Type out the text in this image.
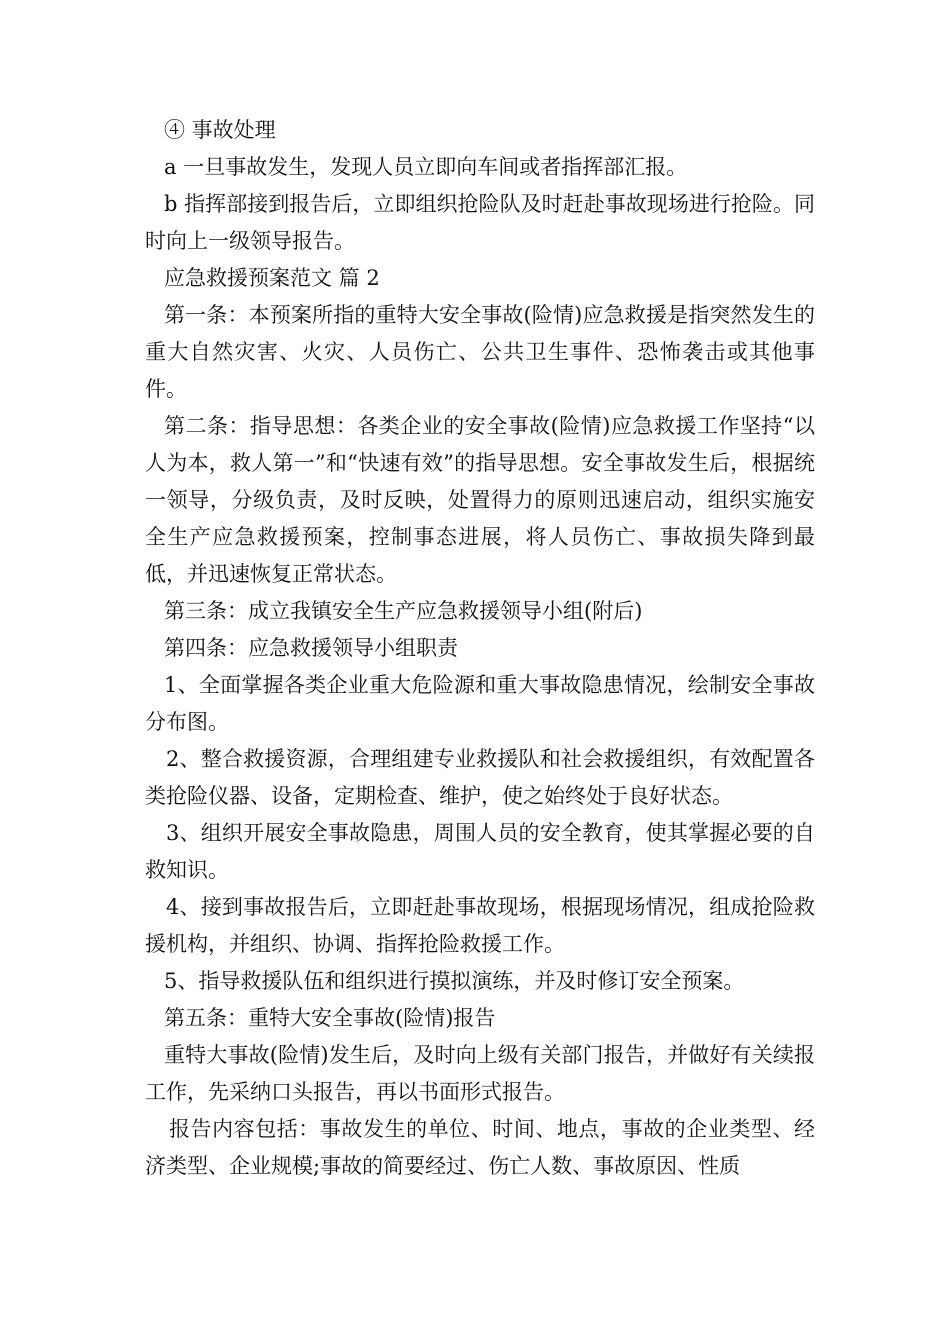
④ 事故处理

a 一旦事故发生，发现人员立即向车间或者指挥部汇报。

b 指挥部接到报告后，立即组织抢险队及时赶赴事故现场进行抢险。同时向上一级领导报告。

应急救援预案范文 篇 2

第一条：本预案所指的重特大安全事故(险情)应急救援是指突然发生的重大自然灾害、火灾、人员伤亡、公共卫生事件、恐怖袭击或其他事件。

第二条：指导思想：各类企业的安全事故(险情)应急救援工作坚持“以人为本，救人第一”和“快速有效”的指导思想。安全事故发生后，根据统一领导，分级负责，及时反映，处置得力的原则迅速启动，组织实施安全生产应急救援预案，控制事态进展，将人员伤亡、事故损失降到最低，并迅速恢复正常状态。

第三条：成立我镇安全生产应急救援领导小组(附后)

第四条：应急救援领导小组职责

1、全面掌握各类企业重大危险源和重大事故隐患情况，绘制安全事故分布图。

2、整合救援资源，合理组建专业救援队和社会救援组织，有效配置各类抢险仪器、设备，定期检查、维护，使之始终处于良好状态。

3、组织开展安全事故隐患，周围人员的安全教育，使其掌握必要的自救知识。

4、接到事故报告后，立即赶赴事故现场，根据现场情况，组成抢险救援机构，并组织、协调、指挥抢险救援工作。

5、指导救援队伍和组织进行摸拟演练，并及时修订安全预案。

第五条：重特大安全事故(险情)报告

重特大事故(险情)发生后，及时向上级有关部门报告，并做好有关续报工作，先采纳口头报告，再以书面形式报告。

报告内容包括：事故发生的单位、时间、地点，事故的企业类型、经济类型、企业规模;事故的简要经过、伤亡人数、事故原因、性质
